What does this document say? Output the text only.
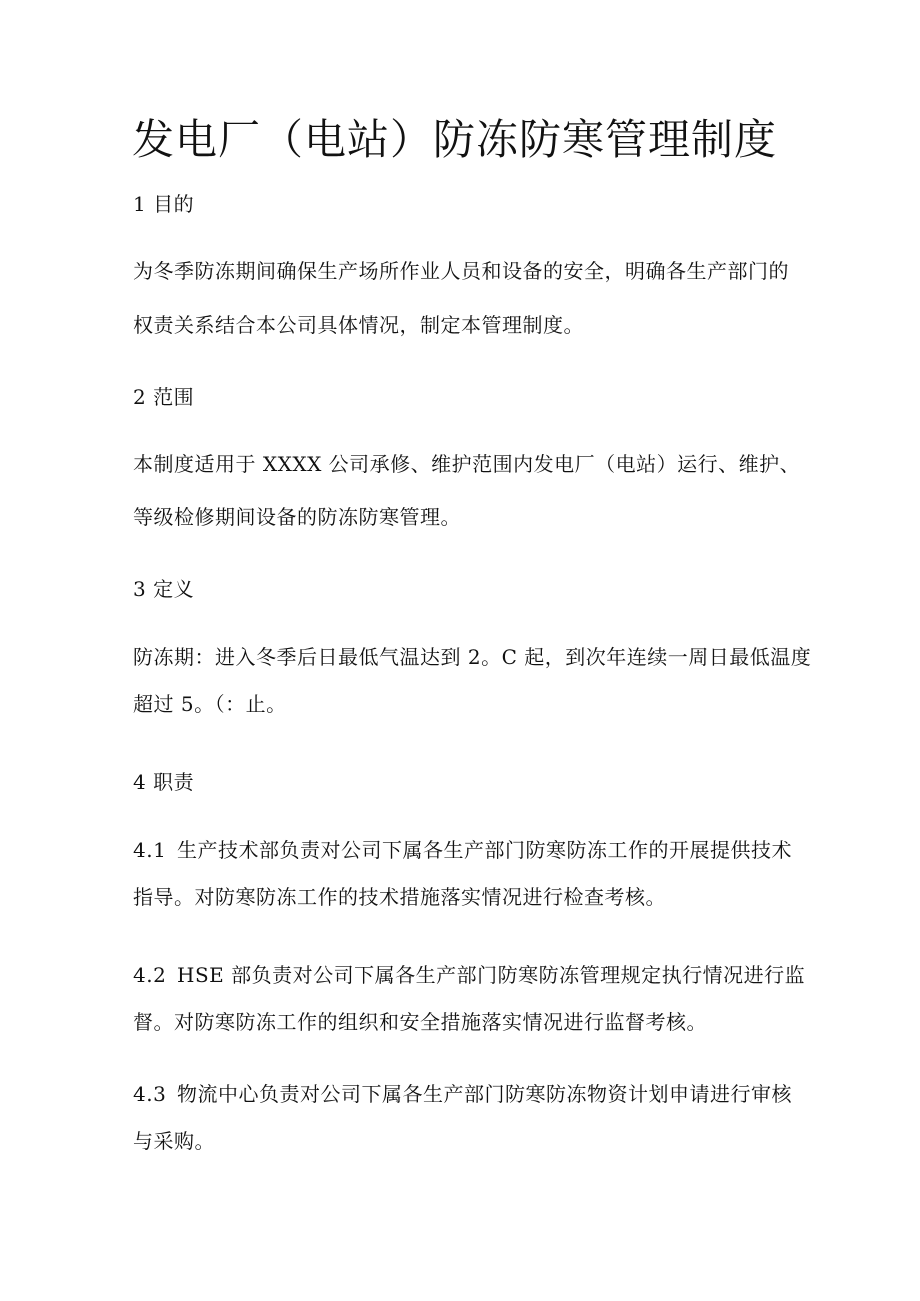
发电厂（电站）防冻防寒管理制度
1 目的
为冬季防冻期间确保生产场所作业人员和设备的安全，明确各生产部门的
权责关系结合本公司具体情况，制定本管理制度。
2 范围
本制度适用于 XXXX 公司承修、维护范围内发电厂（电站）运行、维护、
等级检修期间设备的防冻防寒管理。
3 定义
防冻期：进入冬季后日最低气温达到 2。C 起，到次年连续一周日最低温度
超过 5。（：止。
4 职责
4.1 生产技术部负责对公司下属各生产部门防寒防冻工作的开展提供技术
指导。对防寒防冻工作的技术措施落实情况进行检查考核。
4.2 HSE 部负责对公司下属各生产部门防寒防冻管理规定执行情况进行监
督。对防寒防冻工作的组织和安全措施落实情况进行监督考核。
4.3 物流中心负责对公司下属各生产部门防寒防冻物资计划申请进行审核
与采购。
